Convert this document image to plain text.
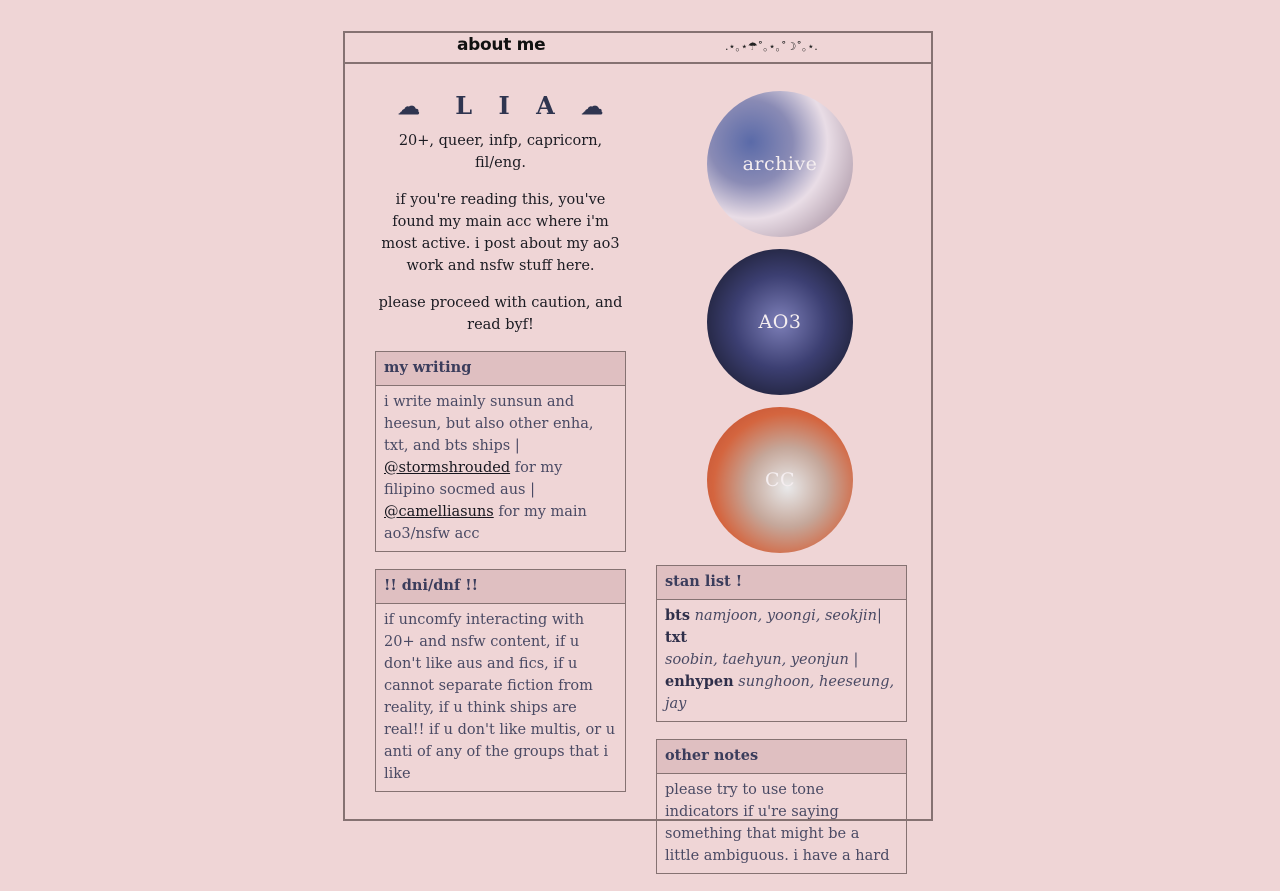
about me	.⋆｡⋆☂˚｡⋆｡˚☽˚｡⋆.
☁ L I A ☁

20+, queer, infp, capricorn, fil/eng.

if you're reading this, you've found my main acc where i'm most active. i post about my ao3 work and nsfw stuff here.

please proceed with caution, and read byf!

my writing
i write mainly sunsun and heesun, but also other enha, txt, and bts ships | @stormshrouded for my filipino socmed aus | @camelliasuns for my main ao3/nsfw acc
!! dni/dnf !!
if uncomfy interacting with 20+ and nsfw content, if u don't like aus and fics, if u cannot separate fiction from reality, if u think ships are real!! if u don't like multis, or u anti of any of the groups that i like
archive
AO3
CC
stan list !
bts namjoon, yoongi, seokjin| txt
soobin, taehyun, yeonjun |
enhypen sunghoon, heeseung, jay
other notes
please try to use tone indicators if u're saying something that might be a little ambiguous. i have a hard
